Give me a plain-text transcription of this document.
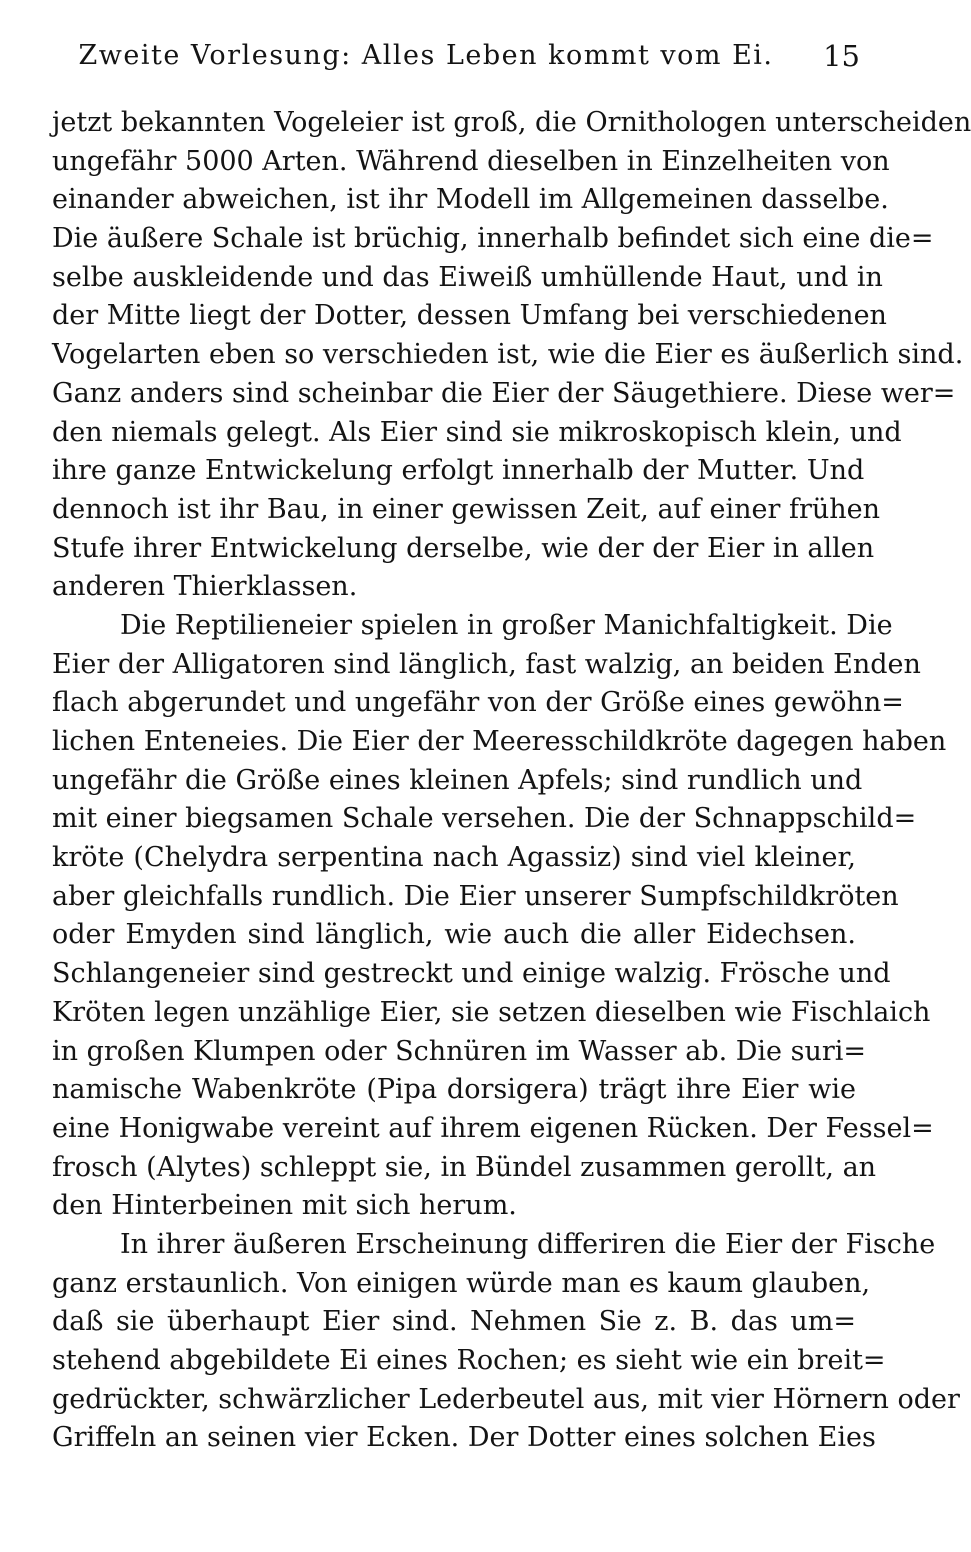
Zweite Vorlesung: Alles Leben kommt vom Ei.	15
jetzt bekannten Vogeleier ist groß, die Ornithologen unterscheiden
ungefähr 5000 Arten. Während dieselben in Einzelheiten von
einander abweichen, ist ihr Modell im Allgemeinen dasselbe.
Die äußere Schale ist brüchig, innerhalb befindet sich eine die=
selbe auskleidende und das Eiweiß umhüllende Haut, und in
der Mitte liegt der Dotter, dessen Umfang bei verschiedenen
Vogelarten eben so verschieden ist, wie die Eier es äußerlich sind.
Ganz anders sind scheinbar die Eier der Säugethiere. Diese wer=
den niemals gelegt. Als Eier sind sie mikroskopisch klein, und
ihre ganze Entwickelung erfolgt innerhalb der Mutter. Und
dennoch ist ihr Bau, in einer gewissen Zeit, auf einer frühen
Stufe ihrer Entwickelung derselbe, wie der der Eier in allen
anderen Thierklassen.
Die Reptilieneier spielen in großer Manichfaltigkeit. Die
Eier der Alligatoren sind länglich, fast walzig, an beiden Enden
flach abgerundet und ungefähr von der Größe eines gewöhn=
lichen Enteneies. Die Eier der Meeresschildkröte dagegen haben
ungefähr die Größe eines kleinen Apfels; sind rundlich und
mit einer biegsamen Schale versehen. Die der Schnappschild=
kröte (Chelydra serpentina nach Agassiz) sind viel kleiner,
aber gleichfalls rundlich. Die Eier unserer Sumpfschildkröten
oder Emyden sind länglich, wie auch die aller Eidechsen.
Schlangeneier sind gestreckt und einige walzig. Frösche und
Kröten legen unzählige Eier, sie setzen dieselben wie Fischlaich
in großen Klumpen oder Schnüren im Wasser ab. Die suri=
namische Wabenkröte (Pipa dorsigera) trägt ihre Eier wie
eine Honigwabe vereint auf ihrem eigenen Rücken. Der Fessel=
frosch (Alytes) schleppt sie, in Bündel zusammen gerollt, an
den Hinterbeinen mit sich herum.
In ihrer äußeren Erscheinung differiren die Eier der Fische
ganz erstaunlich. Von einigen würde man es kaum glauben,
daß sie überhaupt Eier sind. Nehmen Sie z. B. das um=
stehend abgebildete Ei eines Rochen; es sieht wie ein breit=
gedrückter, schwärzlicher Lederbeutel aus, mit vier Hörnern oder
Griffeln an seinen vier Ecken. Der Dotter eines solchen Eies
